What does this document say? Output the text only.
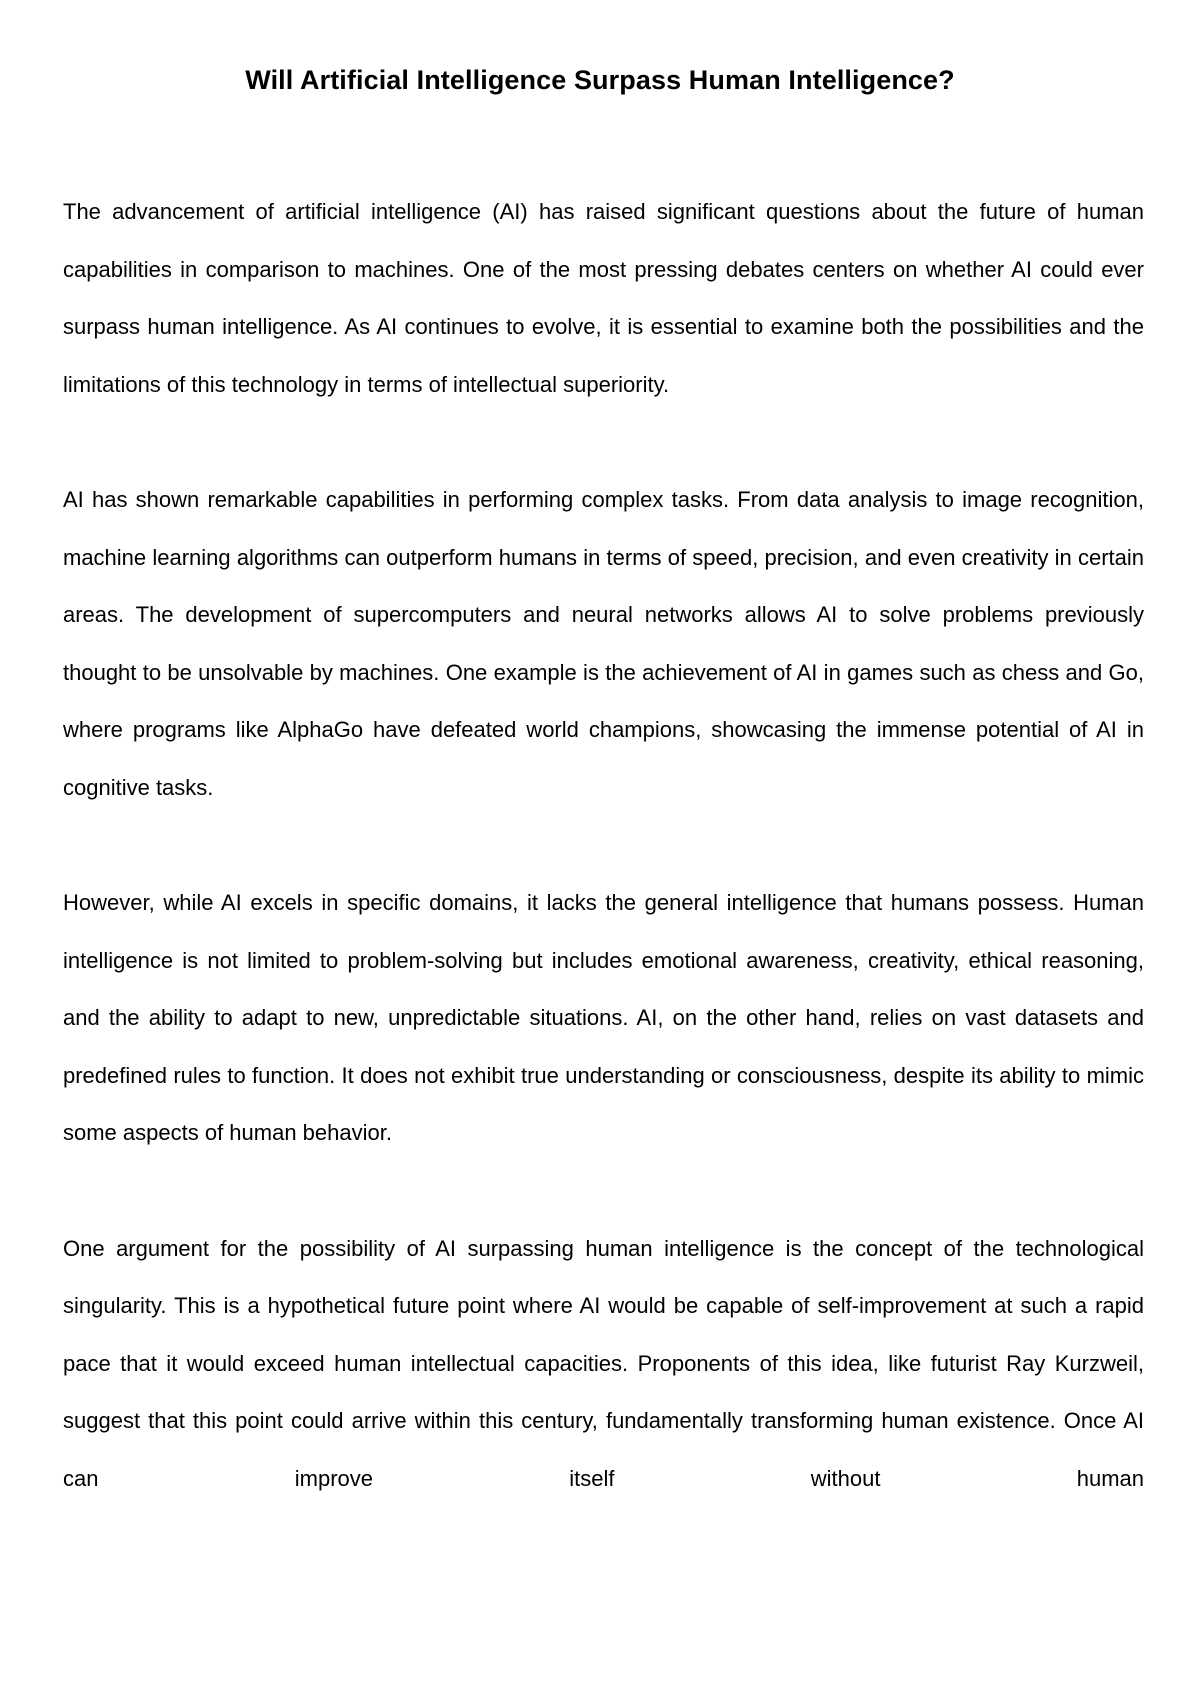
Will Artificial Intelligence Surpass Human Intelligence?

The advancement of artificial intelligence (AI) has raised significant questions about the future of human capabilities in comparison to machines. One of the most pressing debates centers on whether AI could ever surpass human intelligence. As AI continues to evolve, it is essential to examine both the possibilities and the limitations of this technology in terms of intellectual superiority.

AI has shown remarkable capabilities in performing complex tasks. From data analysis to image recognition, machine learning algorithms can outperform humans in terms of speed, precision, and even creativity in certain areas. The development of supercomputers and neural networks allows AI to solve problems previously thought to be unsolvable by machines. One example is the achievement of AI in games such as chess and Go, where programs like AlphaGo have defeated world champions, showcasing the immense potential of AI in cognitive tasks.

However, while AI excels in specific domains, it lacks the general intelligence that humans possess. Human intelligence is not limited to problem-solving but includes emotional awareness, creativity, ethical reasoning, and the ability to adapt to new, unpredictable situations. AI, on the other hand, relies on vast datasets and predefined rules to function. It does not exhibit true understanding or consciousness, despite its ability to mimic some aspects of human behavior.

One argument for the possibility of AI surpassing human intelligence is the concept of the technological singularity. This is a hypothetical future point where AI would be capable of self-improvement at such a rapid pace that it would exceed human intellectual capacities. Proponents of this idea, like futurist Ray Kurzweil, suggest that this point could arrive within this century, fundamentally transforming human existence. Once AI can improve itself without human
